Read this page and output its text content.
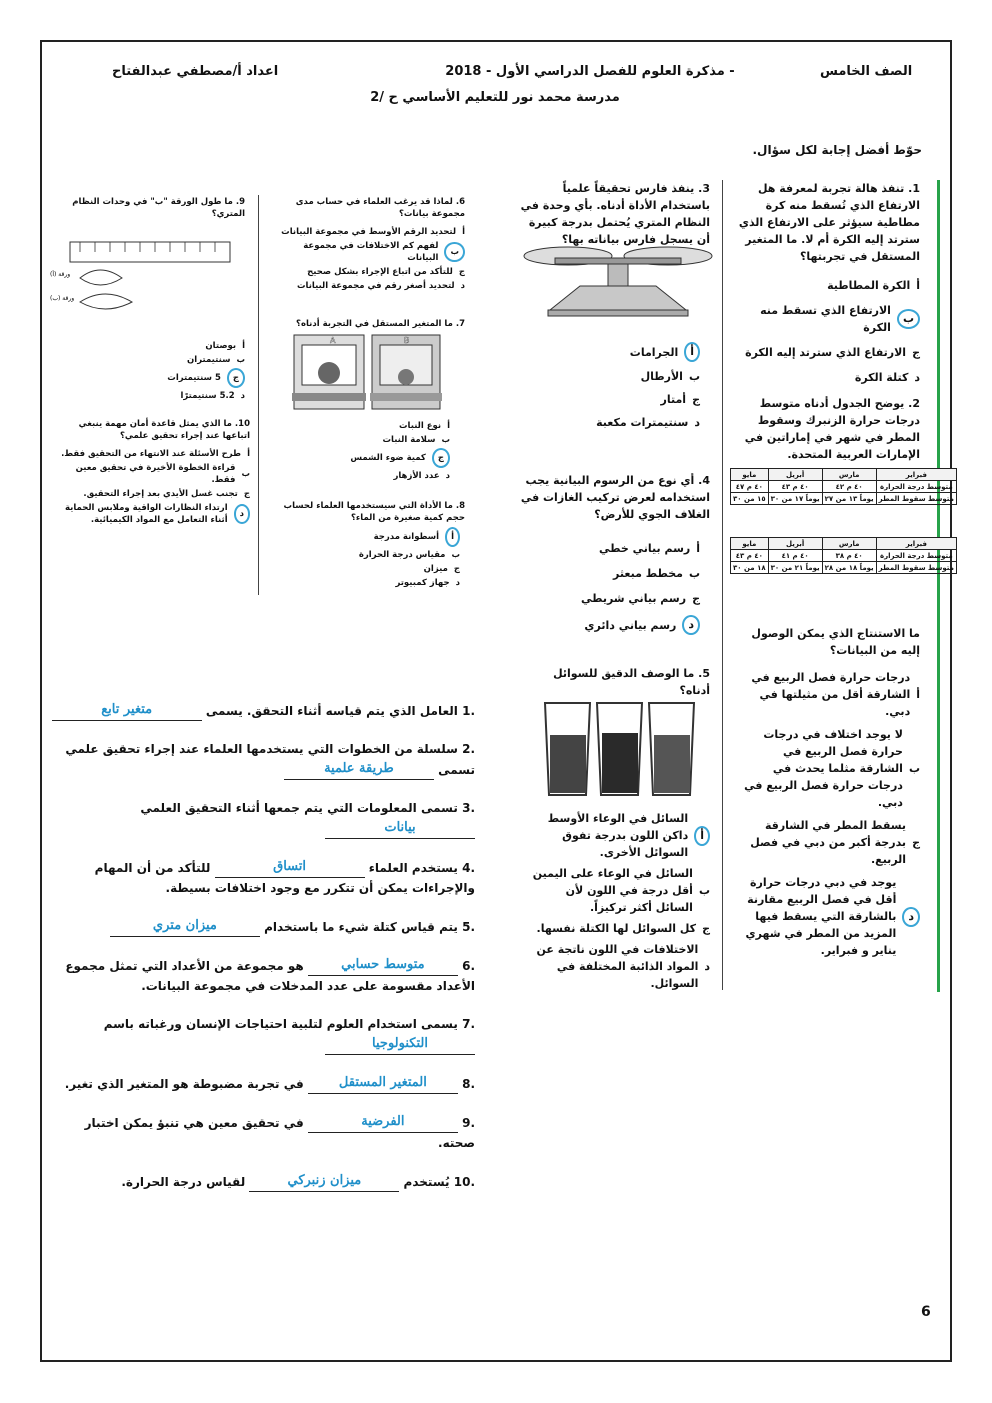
الصف الخامس
- مذكرة العلوم للفصل الدراسي الأول - 2018
اعداد أ/مصطفي عبدالفتاح
مدرسة محمد نور للتعليم الأساسي ح /2
حوّط أفضل إجابة لكل سؤال.
1. تنفذ هالة تجربة لمعرفة هل الارتفاع الذي تُسقط منه كرة مطاطية سيؤثر على الارتفاع الذي سترتد إليه الكرة أم لا. ما المتغير المستقل في تجربتها؟
أ
الكرة المطاطية
ب
الارتفاع الذي تسقط منه الكرة
ج
الارتفاع الذي سترتد إليه الكرة
د
كتلة الكرة
2. يوضح الجدول أدناه متوسط درجات حرارة الزنبرك وسقوط المطر في شهر في إماراتين في الإمارات العربية المتحدة.
فبراير	مارس	أبريل	مايو
متوسط درجة الحرارة	٤٠ م ٤٢	٤٠ م ٤٣	٤٠ م ٤٧
متوسط سقوط المطر	يوماً ١٣ من ٢٧	يوماً ١٧ من ٣٠	١٥ من ٣٠
فبراير	مارس	أبريل	مايو
متوسط درجة الحرارة	٤٠ م ٣٨	٤٠ م ٤١	٤٠ م ٤٣
متوسط سقوط المطر	يوماً ١٨ من ٢٨	يوماً ٢١ من ٣٠	١٨ من ٣٠
ما الاستنتاج الذي يمكن الوصول إليه من البيانات؟
أ
درجات حرارة فصل الربيع في الشارقة أقل من مثيلتها في دبي.
ب
لا يوجد اختلاف في درجات حرارة فصل الربيع في الشارقة مثلما يحدث في درجات حرارة فصل الربيع في دبي.
ج
يسقط المطر في الشارقة بدرجة أكبر من دبي في فصل الربيع.
د
يوجد في دبي درجات حرارة أقل في فصل الربيع مقارنة بالشارقة التي يسقط فيها المزيد من المطر في شهري يناير و فبراير.
3. ينفذ فارس تحقيقاً علمياً باستخدام الأداة أدناه. بأي وحدة في النظام المتري يُحتمل بدرجة كبيرة أن يسجل فارس بياناته بها؟
أ
الجرامات
ب
الأرطال
ج
أمتار
د
سنتيمترات مكعبة
4. أي نوع من الرسوم البيانية يجب استخدامه لعرض تركيب الغازات في الغلاف الجوي للأرض؟
أ
رسم بياني خطي
ب
مخطط مبعثر
ج
رسم بياني شريطي
د
رسم بياني دائري
5. ما الوصف الدقيق للسوائل أدناه؟
أ
السائل في الوعاء الأوسط داكن اللون بدرجة تفوق السوائل الأخرى.
ب
السائل في الوعاء على اليمين أقل درجة في اللون لأن السائل أكثر تركيزاً.
ج
كل السوائل لها الكتلة نفسها.
د
الاختلافات في اللون ناتجة عن المواد الذائبة المختلفة في السوائل.
6. لماذا قد يرغب العلماء في حساب مدى مجموعة بيانات؟
أ
لتحديد الرقم الأوسط في مجموعة البيانات
ب
لفهم كم الاختلافات في مجموعة البيانات
ج
للتأكد من اتباع الإجراء بشكل صحيح
د
لتحديد أصغر رقم في مجموعة البيانات
7. ما المتغير المستقل في التجربة أدناه؟
A	B
أ
نوع النبات
ب
سلامة النبات
ج
كمية ضوء الشمس
د
عدد الأزهار
8. ما الأداة التي سيستخدمها العلماء لحساب حجم كمية صغيرة من الماء؟
أ
أسطوانة مدرجة
ب
مقياس درجة الحرارة
ج
ميزان
د
جهاز كمبيوتر
9. ما طول الورقة "ب" في وحدات النظام المتري؟
ورقة (أ)
ورقة (ب)
أ
بوصتان
ب
سنتيمتران
ج
5 سنتيمترات
د
5.2 سنتيمترًا
10. ما الذي يمثل قاعدة أمان مهمة ينبغي اتباعها عند إجراء تحقيق علمي؟
أ
طرح الأسئلة عند الانتهاء من التحقيق فقط.
ب
قراءة الخطوة الأخيرة في تحقيق معين فقط.
ج
تجنب غسل الأيدي بعد إجراء التحقيق.
د
ارتداء النظارات الواقية وملابس الحماية أثناء التعامل مع المواد الكيميائية.
.1 العامل الذي يتم قياسه أثناء التحقق. يسمى متغير تابع
.2 سلسلة من الخطوات التي يستخدمها العلماء عند إجراء تحقيق علمي تسمى طريقة علمية
.3 تسمى المعلومات التي يتم جمعها أثناء التحقيق العلمي بيانات
.4 يستخدم العلماء اتساق للتأكد من أن المهام والإجراءات يمكن أن تتكرر مع وجود اختلافات بسيطة.
.5 يتم قياس كتلة شيء ما باستخدام ميزان متري
.6 متوسط حسابي هو مجموعة من الأعداد التي تمثل مجموع الأعداد مقسومة على عدد المدخلات في مجموعة البيانات.
.7 يسمى استخدام العلوم لتلبية احتياجات الإنسان ورغباته باسم التكنولوجيا
.8 المتغير المستقل في تجربة مضبوطة هو المتغير الذي تغير.
.9 الفرضية في تحقيق معين هي تنبؤ يمكن اختبار صحته.
.10 يُستخدم ميزان زنبركي لقياس درجة الحرارة.
6
